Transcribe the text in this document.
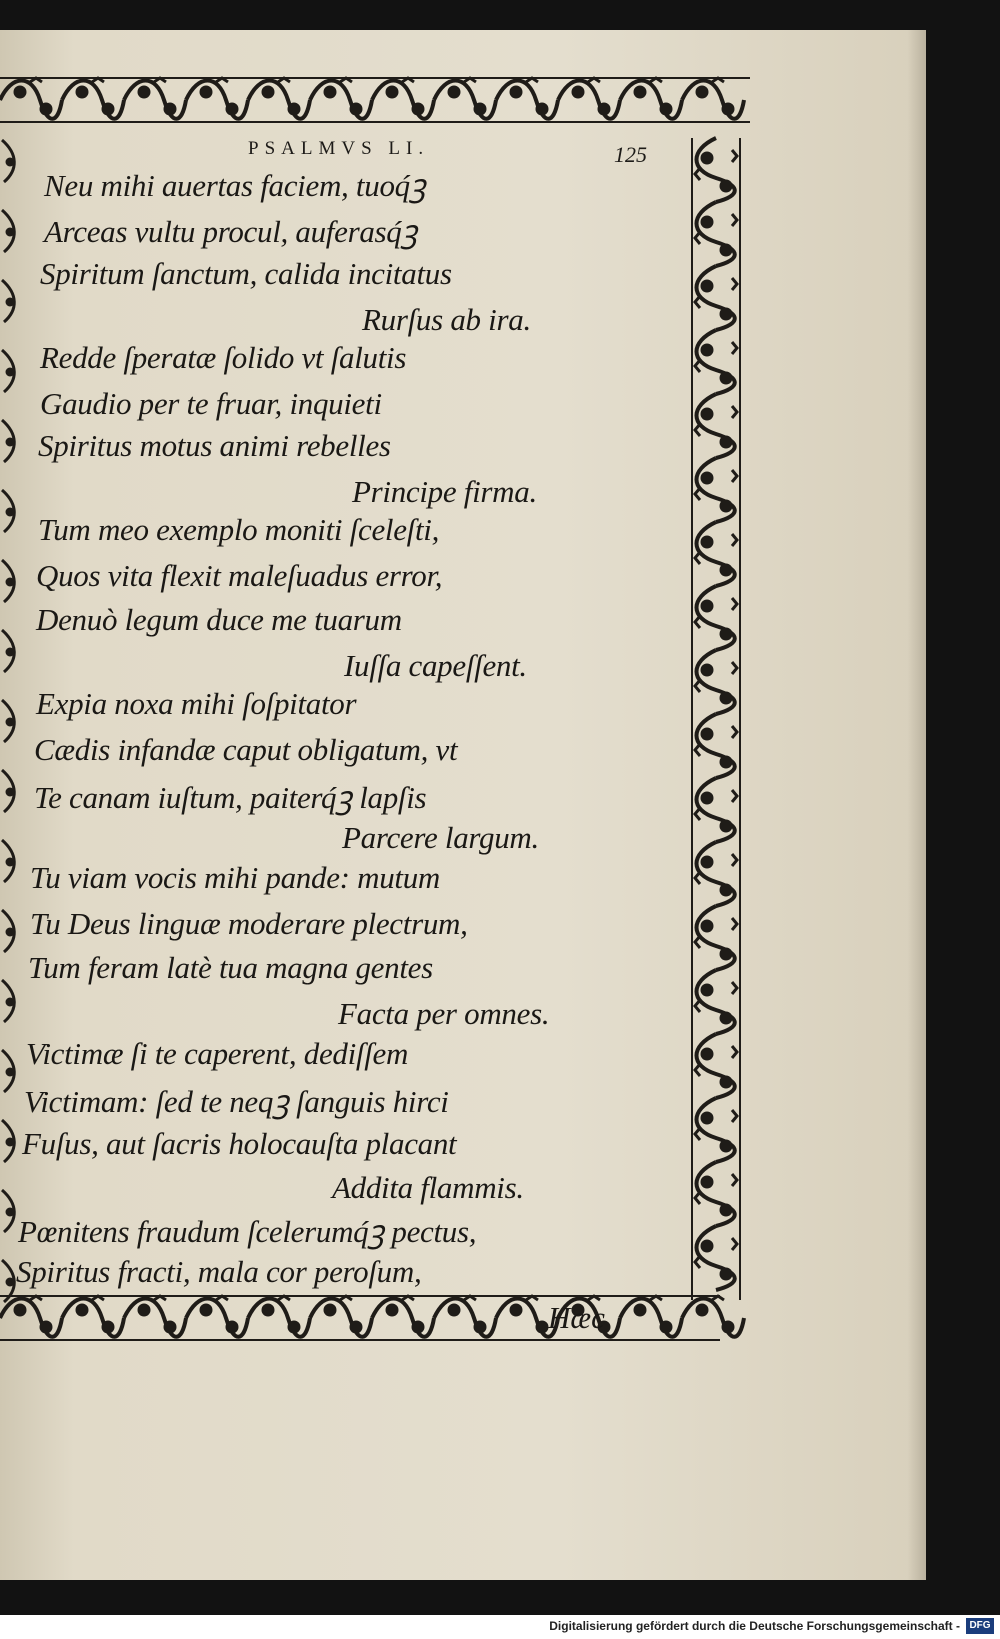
PSALMVS LI.	125
Neu mihi auertas faciem, tuoq́ꝫ
Arceas vultu procul, auferasq́ꝫ
Spiritum ſanctum, calida incitatus
Rurſus ab ira.
Redde ſperatæ ſolido vt ſalutis
Gaudio per te fruar, inquieti
Spiritus motus animi rebelles
Principe firma.
Tum meo exemplo moniti ſceleſti,
Quos vita flexit maleſuadus error,
Denuò legum duce me tuarum
Iuſſa capeſſent.
Expia noxa mihi ſoſpitator
Cædis infandæ caput obligatum, vt
Te canam iuſtum, paiterq́ꝫ lapſis
Parcere largum.
Tu viam vocis mihi pande: mutum
Tu Deus linguæ moderare plectrum,
Tum feram latè tua magna gentes
Facta per omnes.
Victimæ ſi te caperent, dediſſem
Victimam: ſed te neqꝫ ſanguis hirci
Fuſus, aut ſacris holocauſta placant
Addita flammis.
Pœnitens fraudum ſcelerumq́ꝫ pectus,
Spiritus fracti, mala cor peroſum,
Hæc
Digitalisierung gefördert durch die Deutsche Forschungsgemeinschaft - DFG
